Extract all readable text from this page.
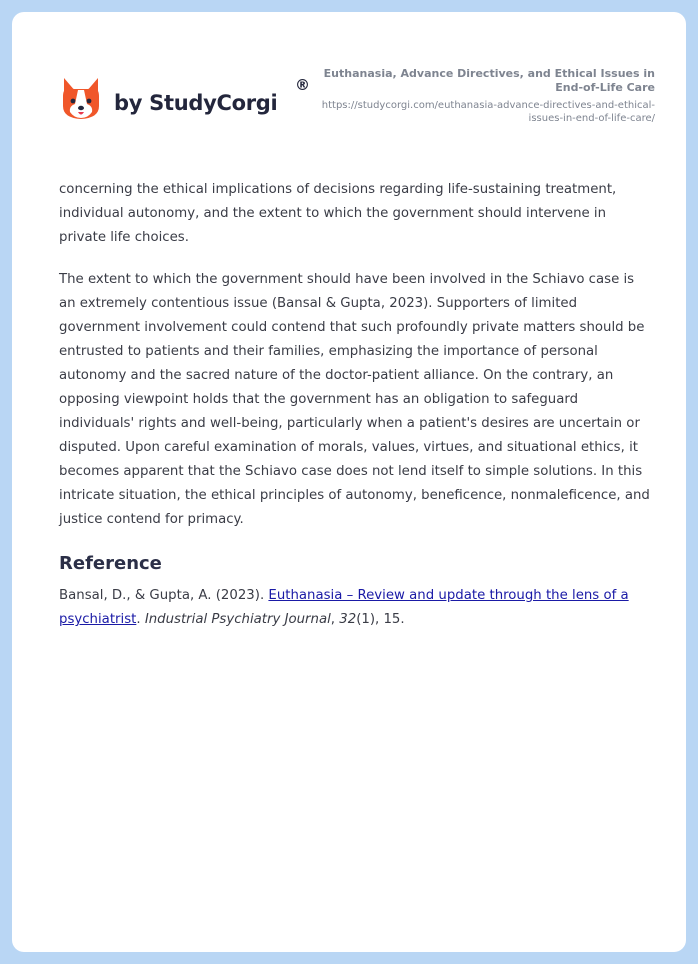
by StudyCorgi
®
Euthanasia, Advance Directives, and Ethical Issues in End-of-Life Care
https://studycorgi.com/euthanasia-advance-directives-and-ethical-issues-in-end-of-life-care/

concerning the ethical implications of decisions regarding life-sustaining treatment, individual autonomy, and the extent to which the government should intervene in private life choices.

The extent to which the government should have been involved in the Schiavo case is an extremely contentious issue (Bansal & Gupta, 2023). Supporters of limited government involvement could contend that such profoundly private matters should be entrusted to patients and their families, emphasizing the importance of personal autonomy and the sacred nature of the doctor-patient alliance. On the contrary, an opposing viewpoint holds that the government has an obligation to safeguard individuals' rights and well-being, particularly when a patient's desires are uncertain or disputed. Upon careful examination of morals, values, virtues, and situational ethics, it becomes apparent that the Schiavo case does not lend itself to simple solutions. In this intricate situation, the ethical principles of autonomy, beneficence, nonmaleficence, and justice contend for primacy.

Reference

Bansal, D., & Gupta, A. (2023). Euthanasia – Review and update through the lens of a psychiatrist. Industrial Psychiatry Journal, 32(1), 15.
